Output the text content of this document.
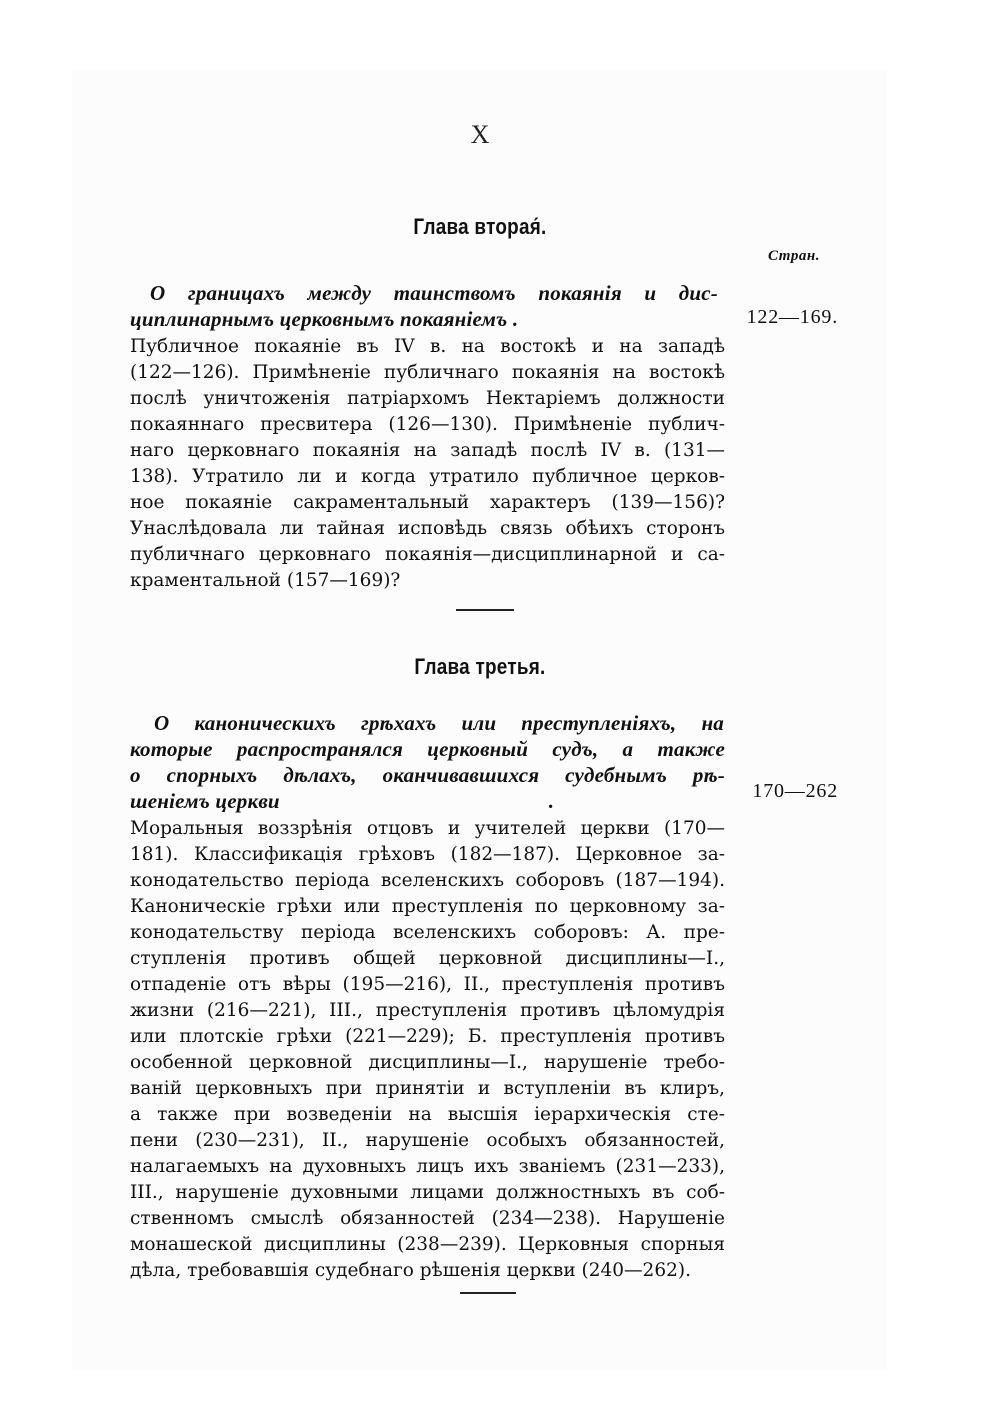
X
Глава вторая́.
Стран.
О границахъ между таинствомъ покаянія и дис-
циплинарнымъ церковнымъ покаяніемъ .	122—169.
Публичное покаяніе въ IV в. на востокѣ и на западѣ
(122—126). Примѣненіе публичнаго покаянія на востокѣ
послѣ уничтоженія патріархомъ Нектаріемъ должности
покаяннаго пресвитера (126—130). Примѣненіе публич-
наго церковнаго покаянія на западѣ послѣ IV в. (131—
138). Утратило ли и когда утратило публичное церков-
ное покаяніе сакраментальный характеръ (139—156)?
Унаслѣдовала ли тайная исповѣдь связь обѣихъ сторонъ
публичнаго церковнаго покаянія—дисциплинарной и са-
краментальной (157—169)?
Глава третья.
О каноническихъ грѣхахъ или преступленіяхъ, на
которые распространялся церковный судъ, а также
о спорныхъ дѣлахъ, оканчивавшихся судебнымъ рѣ-
шеніемъ церкви	.	170—262
Моральныя воззрѣнія отцовъ и учителей церкви (170—
181). Классификація грѣховъ (182—187). Церковное за-
конодательство періода вселенскихъ соборовъ (187—194).
Каноническіе грѣхи или преступленія по церковному за-
конодательству періода вселенскихъ соборовъ: А. пре-
ступленія противъ общей церковной дисциплины—I.,
отпаденіе отъ вѣры (195—216), II., преступленія противъ
жизни (216—221), III., преступленія противъ цѣломудрія
или плотскіе грѣхи (221—229); Б. преступленія противъ
особенной церковной дисциплины—I., нарушеніе требо-
ваній церковныхъ при принятіи и вступленіи въ клиръ,
а также при возведеніи на высшія іерархическія сте-
пени (230—231), II., нарушеніе особыхъ обязанностей,
налагаемыхъ на духовныхъ лицъ ихъ званіемъ (231—233),
III., нарушеніе духовными лицами должностныхъ въ соб-
ственномъ смыслѣ обязанностей (234—238). Нарушеніе
монашеской дисциплины (238—239). Церковныя спорныя
дѣла, требовавшія судебнаго рѣшенія церкви (240—262).
